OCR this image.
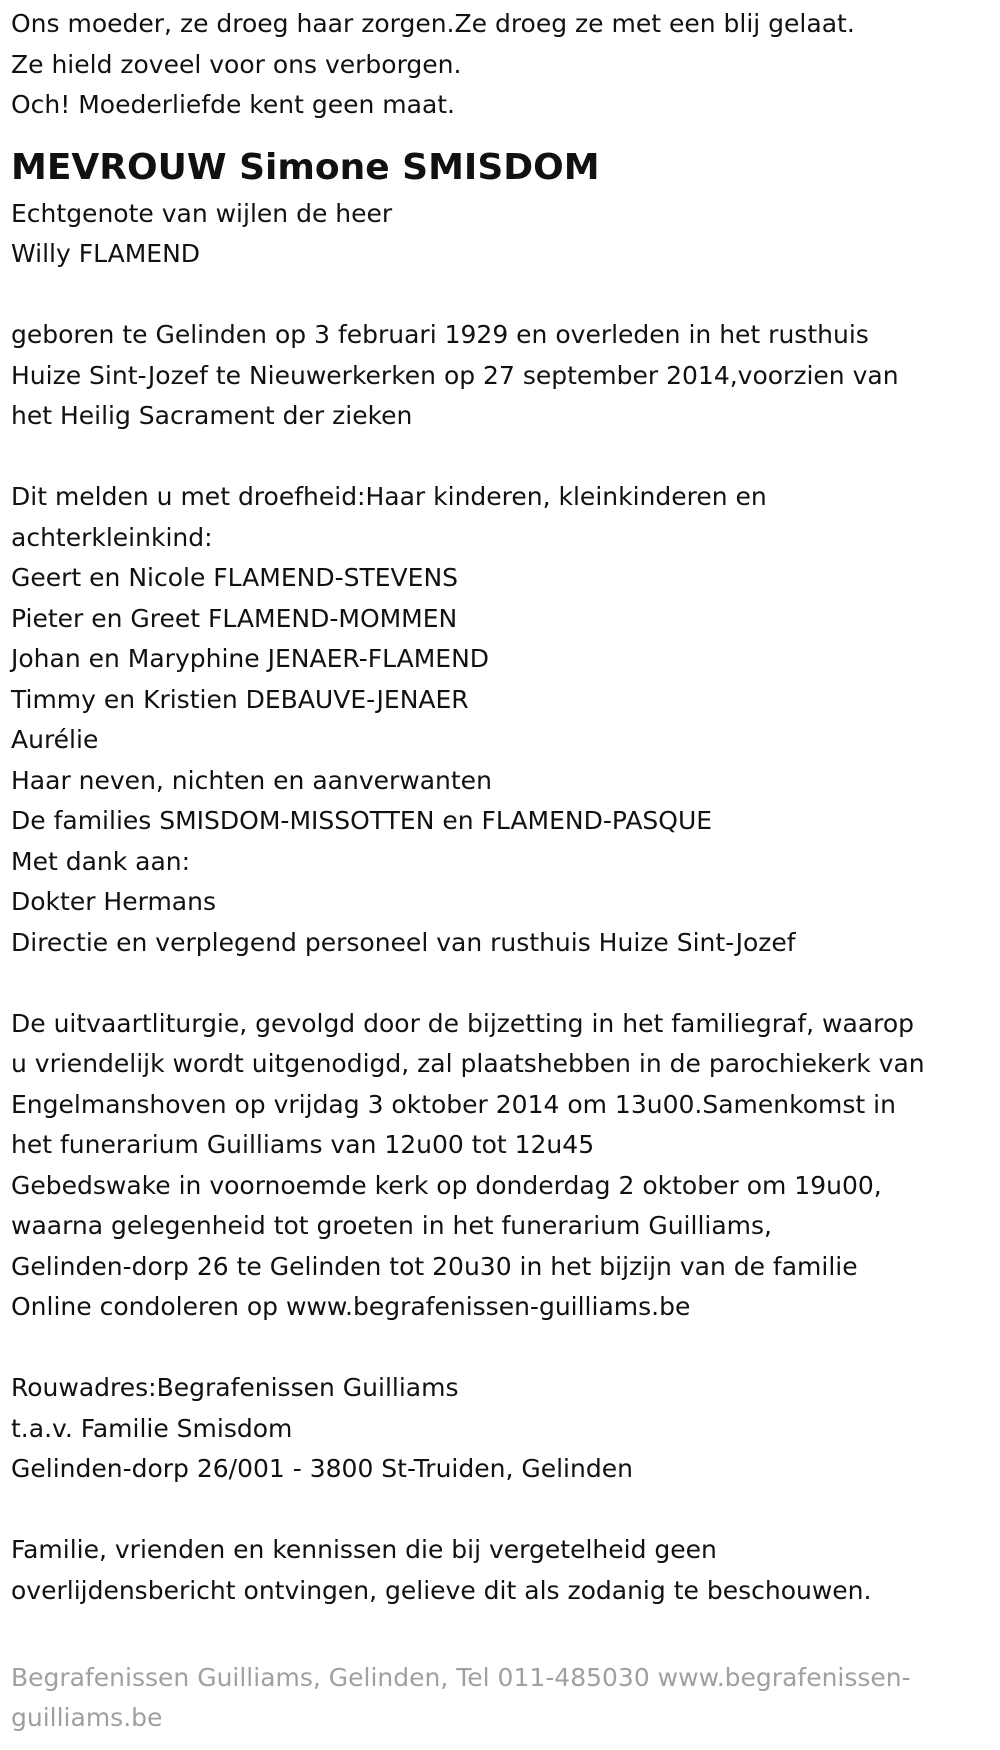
Ons moeder, ze droeg haar zorgen.Ze droeg ze met een blij gelaat.
Ze hield zoveel voor ons verborgen.
Och! Moederliefde kent geen maat.
MEVROUW Simone SMISDOM
Echtgenote van wijlen de heer
Willy FLAMEND
geboren te Gelinden op 3 februari 1929 en overleden in het rusthuis
Huize Sint-Jozef te Nieuwerkerken op 27 september 2014,voorzien van
het Heilig Sacrament der zieken
Dit melden u met droefheid:Haar kinderen, kleinkinderen en
achterkleinkind:
Geert en Nicole FLAMEND-STEVENS
Pieter en Greet FLAMEND-MOMMEN
Johan en Maryphine JENAER-FLAMEND
Timmy en Kristien DEBAUVE-JENAER
Aurélie
Haar neven, nichten en aanverwanten
De families SMISDOM-MISSOTTEN en FLAMEND-PASQUE
Met dank aan:
Dokter Hermans
Directie en verplegend personeel van rusthuis Huize Sint-Jozef
De uitvaartliturgie, gevolgd door de bijzetting in het familiegraf, waarop
u vriendelijk wordt uitgenodigd, zal plaatshebben in de parochiekerk van
Engelmanshoven op vrijdag 3 oktober 2014 om 13u00.Samenkomst in
het funerarium Guilliams van 12u00 tot 12u45
Gebedswake in voornoemde kerk op donderdag 2 oktober om 19u00,
waarna gelegenheid tot groeten in het funerarium Guilliams,
Gelinden-dorp 26 te Gelinden tot 20u30 in het bijzijn van de familie
Online condoleren op www.begrafenissen-guilliams.be
Rouwadres:Begrafenissen Guilliams
t.a.v. Familie Smisdom
Gelinden-dorp 26/001 - 3800 St-Truiden, Gelinden
Familie, vrienden en kennissen die bij vergetelheid geen
overlijdensbericht ontvingen, gelieve dit als zodanig te beschouwen.
Begrafenissen Guilliams, Gelinden, Tel 011-485030 www.begrafenissen-
guilliams.be
